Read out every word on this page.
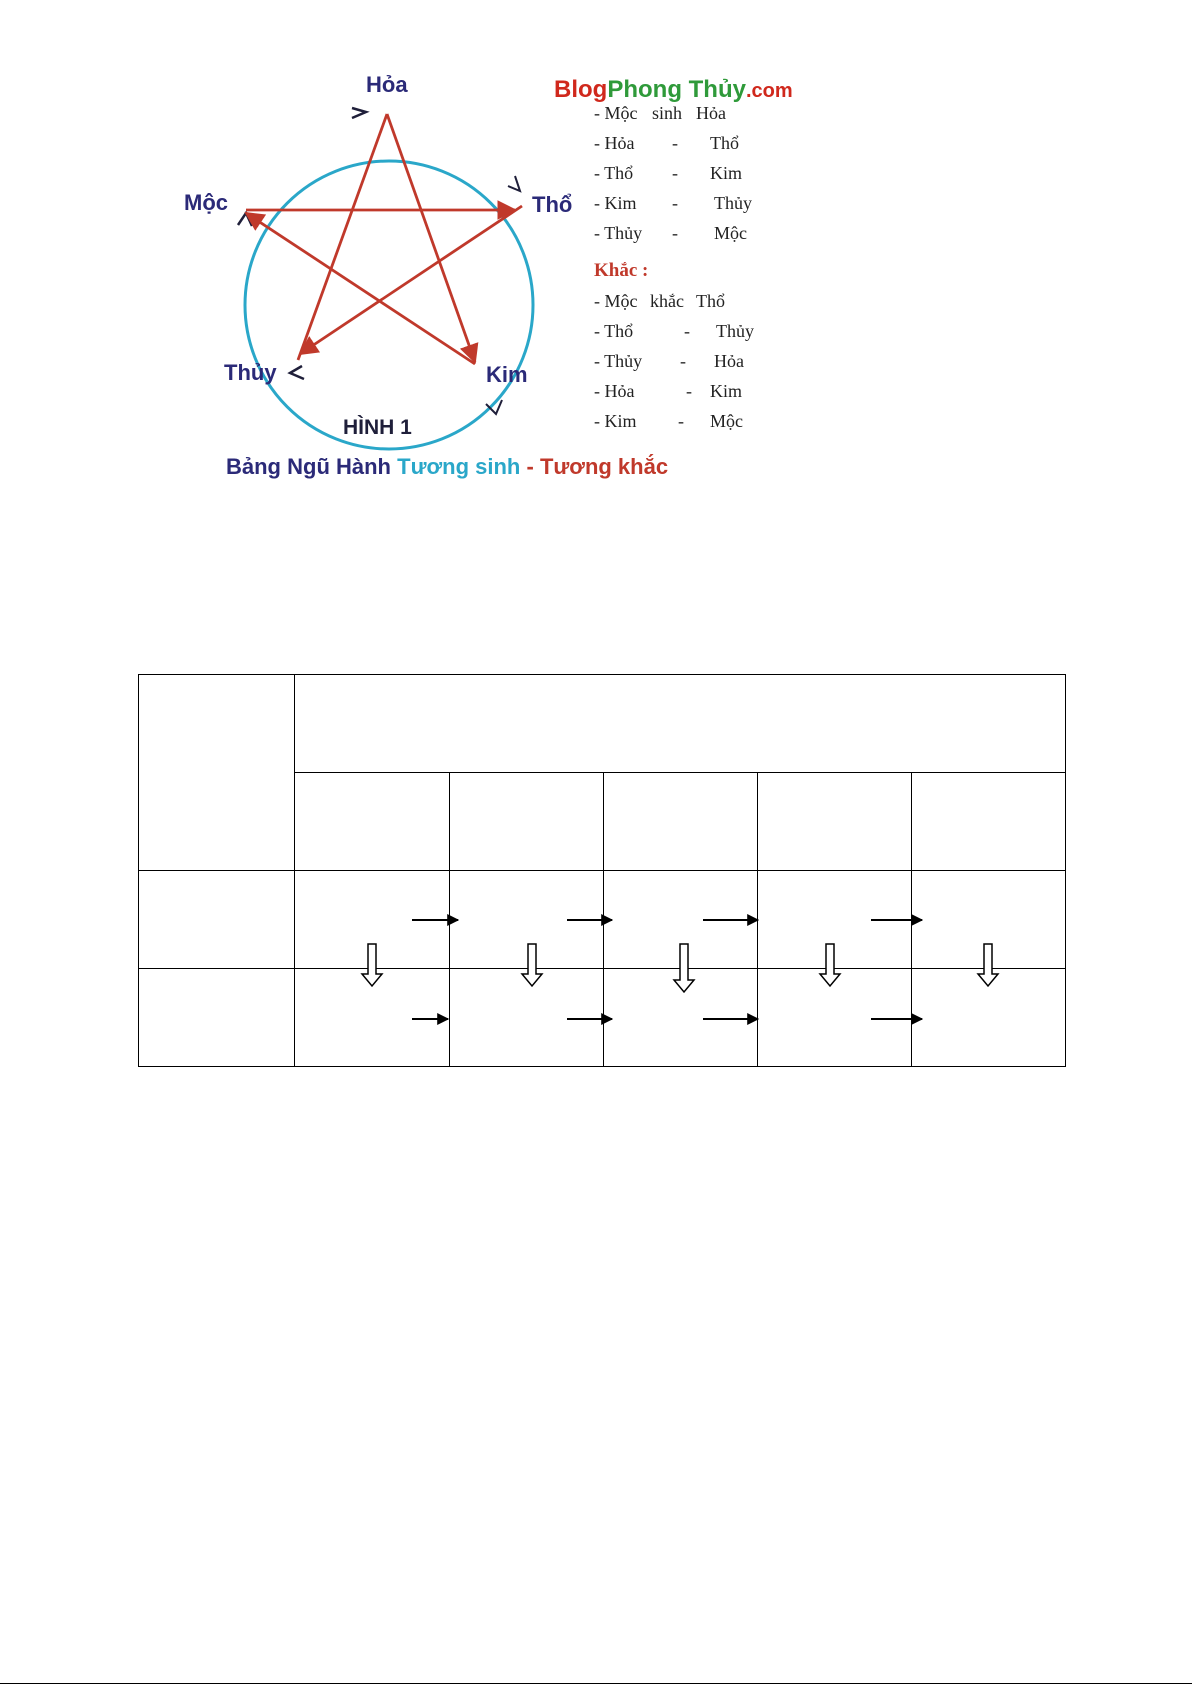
Hỏa
Thổ
Kim
Thủy
Mộc
HÌNH 1
Bảng Ngũ Hành Tương sinh - Tương khắc
BlogPhong Thủy.com
- Mộc sinh Hỏa
- Hỏa - Thổ
- Thổ - Kim
- Kim - Thủy
- Thủy - Mộc
Khắc :
- Mộc khắc Thổ
- Thổ	- Thủy
- Thủy - Hỏa
- Hỏa	- Kim
- Kim - Mộc
